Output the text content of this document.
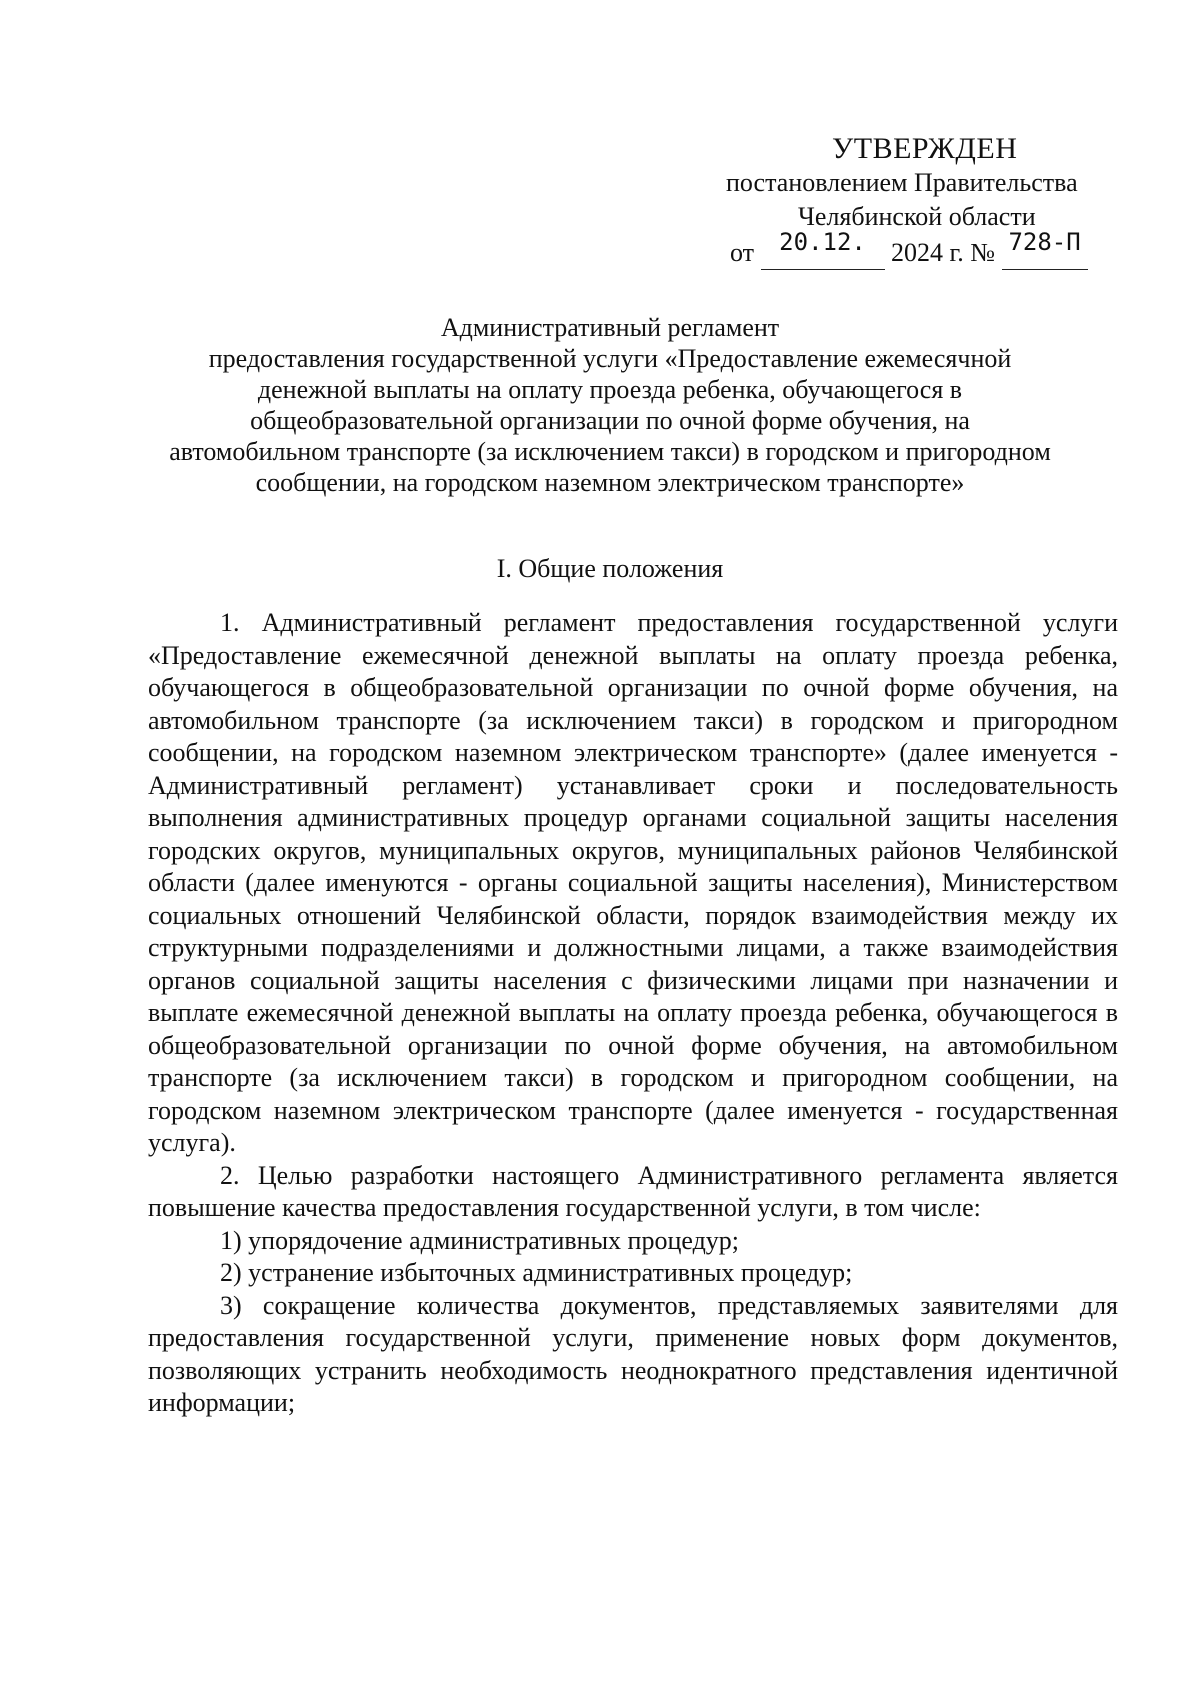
УТВЕРЖДЕН
постановлением Правительства
Челябинской области
от	20.12. 2024 г. № 728-П
Административный регламент
предоставления государственной услуги «Предоставление ежемесячной
денежной выплаты на оплату проезда ребенка, обучающегося в
общеобразовательной организации по очной форме обучения, на
автомобильном транспорте (за исключением такси) в городском и пригородном
сообщении, на городском наземном электрическом транспорте»
I. Общие положения

1. Административный регламент предоставления государственной услуги «Предоставление ежемесячной денежной выплаты на оплату проезда ребенка, обучающегося в общеобразовательной организации по очной форме обучения, на автомобильном транспорте (за исключением такси) в городском и пригородном сообщении, на городском наземном электрическом транспорте» (далее именуется - Административный регламент) устанавливает сроки и последовательность выполнения административных процедур органами социальной защиты населения городских округов, муниципальных округов, муниципальных районов Челябинской области (далее именуются - органы социальной защиты населения), Министерством социальных отношений Челябинской области, порядок взаимодействия между их структурными подразделениями и должностными лицами, а также взаимодействия органов социальной защиты населения с физическими лицами при назначении и выплате ежемесячной денежной выплаты на оплату проезда ребенка, обучающегося в общеобразовательной организации по очной форме обучения, на автомобильном транспорте (за исключением такси) в городском и пригородном сообщении, на городском наземном электрическом транспорте (далее именуется - государственная услуга).

2. Целью разработки настоящего Административного регламента является повышение качества предоставления государственной услуги, в том числе:

1) упорядочение административных процедур;

2) устранение избыточных административных процедур;

3) сокращение количества документов, представляемых заявителями для предоставления государственной услуги, применение новых форм документов, позволяющих устранить необходимость неоднократного представления идентичной информации;
